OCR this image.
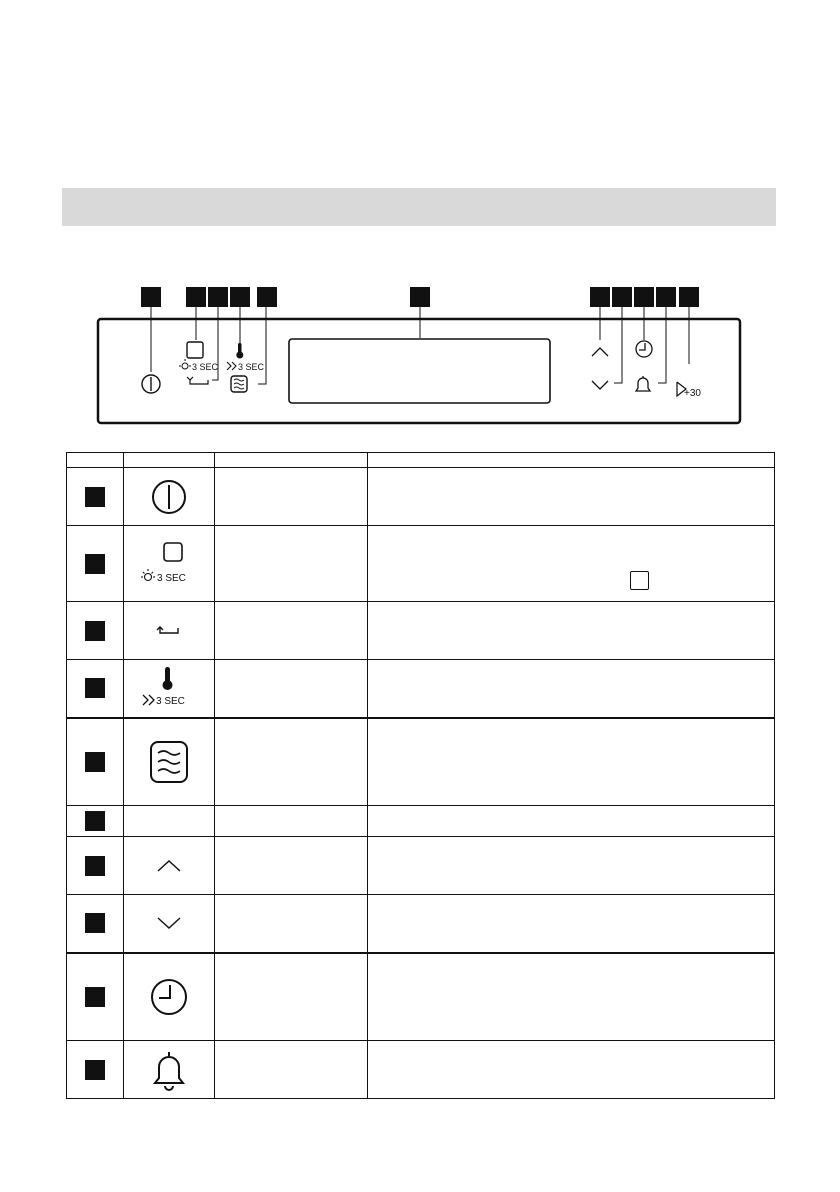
3 SEC 3 SEC
+30

3 SEC		

3 SEC		
